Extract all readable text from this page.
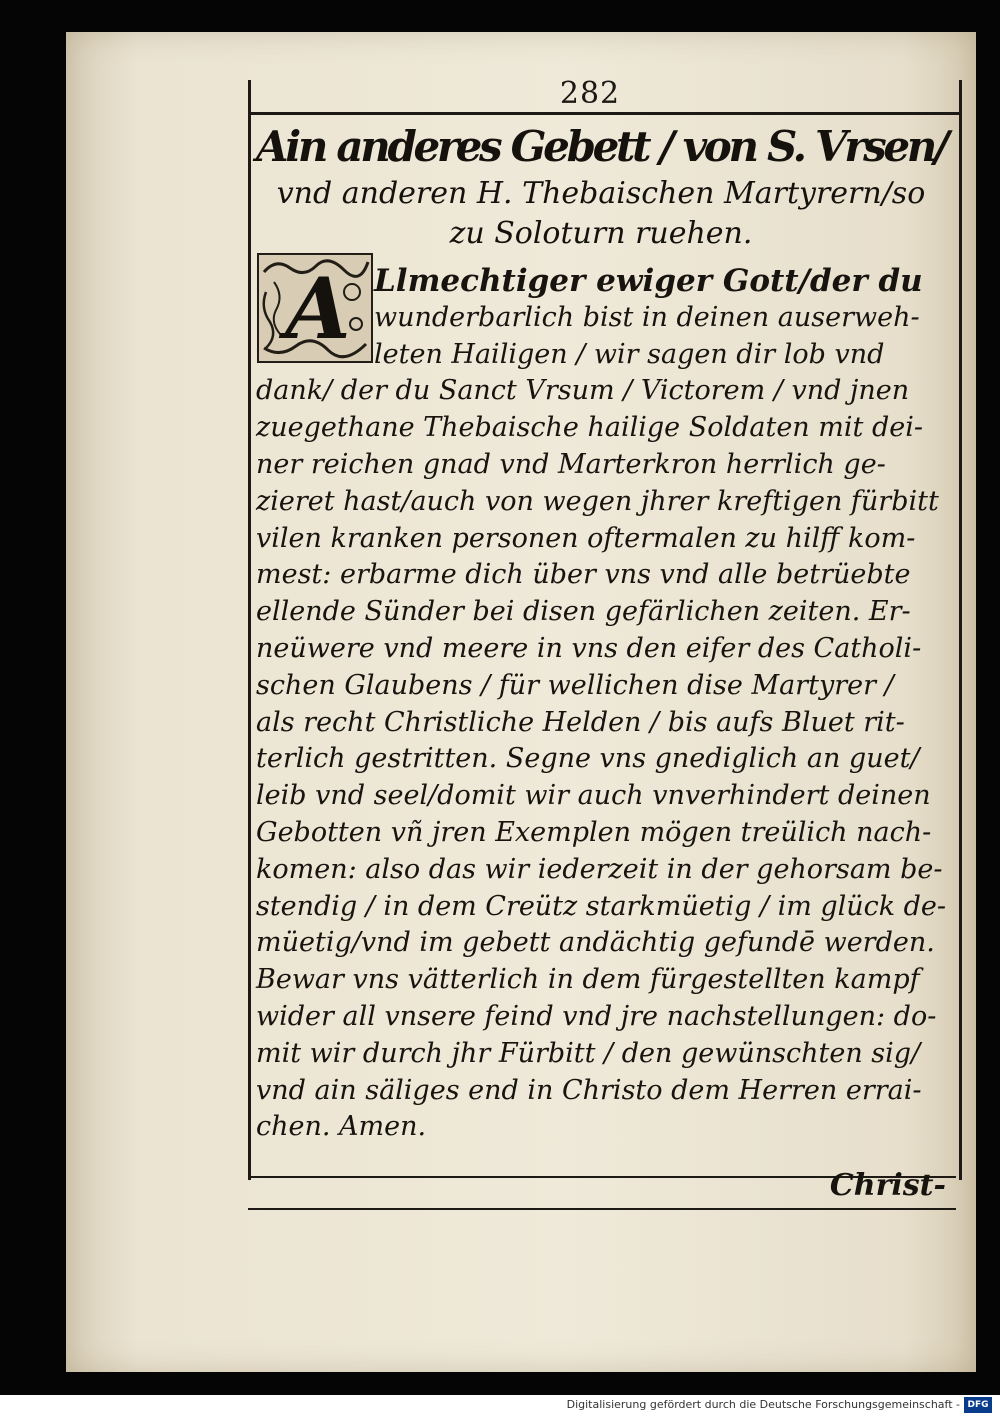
282
Ain anderes Gebett / von S. Vrsen/
vnd anderen H. Thebaischen Martyrern/so
zu Soloturn ruehen.
A Llmechtiger ewiger Gott/der du
wunderbarlich bist in deinen auserweh-
leten Hailigen / wir sagen dir lob vnd
dank/ der du Sanct Vrsum / Victorem / vnd jnen
zuegethane Thebaische hailige Soldaten mit dei-
ner reichen gnad vnd Marterkron herrlich ge-
zieret hast/auch von wegen jhrer kreftigen fürbitt
vilen kranken personen oftermalen zu hilff kom-
mest: erbarme dich über vns vnd alle betrüebte
ellende Sünder bei disen gefärlichen zeiten. Er-
neüwere vnd meere in vns den eifer des Catholi-
schen Glaubens / für wellichen dise Martyrer /
als recht Christliche Helden / bis aufs Bluet rit-
terlich gestritten. Segne vns gnediglich an guet/
leib vnd seel/domit wir auch vnverhindert deinen
Gebotten vñ jren Exemplen mögen treülich nach-
komen: also das wir iederzeit in der gehorsam be-
stendig / in dem Creütz starkmüetig / im glück de-
müetig/vnd im gebett andächtig gefundē werden.
Bewar vns vätterlich in dem fürgestellten kampf
wider all vnsere feind vnd jre nachstellungen: do-
mit wir durch jhr Fürbitt / den gewünschten sig/
vnd ain säliges end in Christo dem Herren errai-
chen. Amen.
Christ-
Digitalisierung gefördert durch die Deutsche Forschungsgemeinschaft - DFG
